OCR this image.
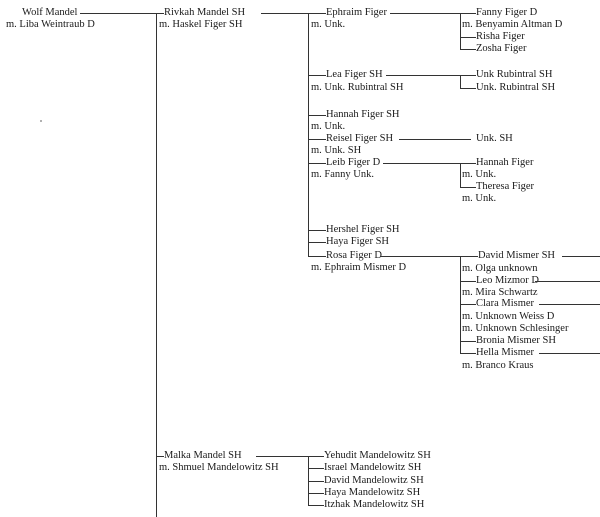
Wolf Mandel
m. Liba Weintraub D
Rivkah Mandel SH
m. Haskel Figer SH
Ephraim Figer
m. Unk.
Fanny Figer D
m. Benyamin Altman D
Risha Figer
Zosha Figer
Lea Figer SH
m. Unk. Rubintral SH
Unk Rubintral SH
Unk. Rubintral SH
Hannah Figer SH
m. Unk.
Reisel Figer SH
m. Unk. SH
Unk. SH
Leib Figer D
m. Fanny Unk.
Hannah Figer
m. Unk.
Theresa Figer
m. Unk.
Hershel Figer SH
Haya Figer SH
Rosa Figer D
m. Ephraim Mismer D
David Mismer SH
m. Olga unknown
Leo Mizmor D
m. Mira Schwartz
Clara Mismer
m. Unknown Weiss D
m. Unknown Schlesinger
Bronia Mismer SH
Hella Mismer
m. Branco Kraus
Malka Mandel SH
m. Shmuel Mandelowitz SH
Yehudit Mandelowitz SH
Israel Mandelowitz SH
David Mandelowitz SH
Haya Mandelowitz SH
Itzhak Mandelowitz SH
